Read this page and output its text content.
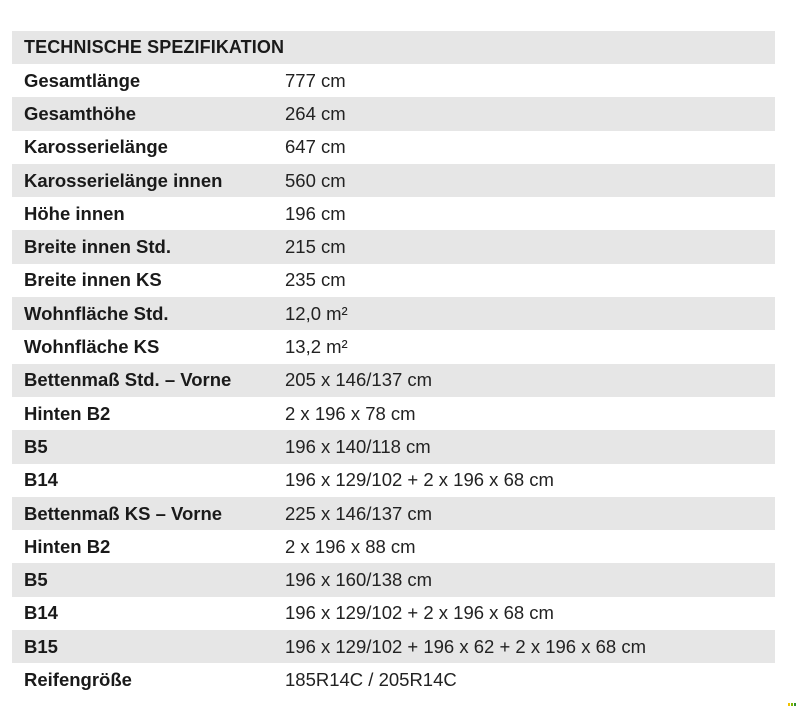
TECHNISCHE SPEZIFIKATION
Gesamtlänge	777 cm
Gesamthöhe	264 cm
Karosserielänge	647 cm
Karosserielänge innen	560 cm
Höhe innen	196 cm
Breite innen Std.	215 cm
Breite innen KS	235 cm
Wohnfläche Std.	12,0 m²
Wohnfläche KS	13,2 m²
Bettenmaß Std. – Vorne	205 x 146/137 cm
Hinten B2	2 x 196 x 78 cm
B5	196 x 140/118 cm
B14	196 x 129/102 + 2 x 196 x 68 cm
Bettenmaß KS – Vorne	225 x 146/137 cm
Hinten B2	2 x 196 x 88 cm
B5	196 x 160/138 cm
B14	196 x 129/102 + 2 x 196 x 68 cm
B15	196 x 129/102 + 196 x 62 + 2 x 196 x 68 cm
Reifengröße	185R14C / 205R14C
